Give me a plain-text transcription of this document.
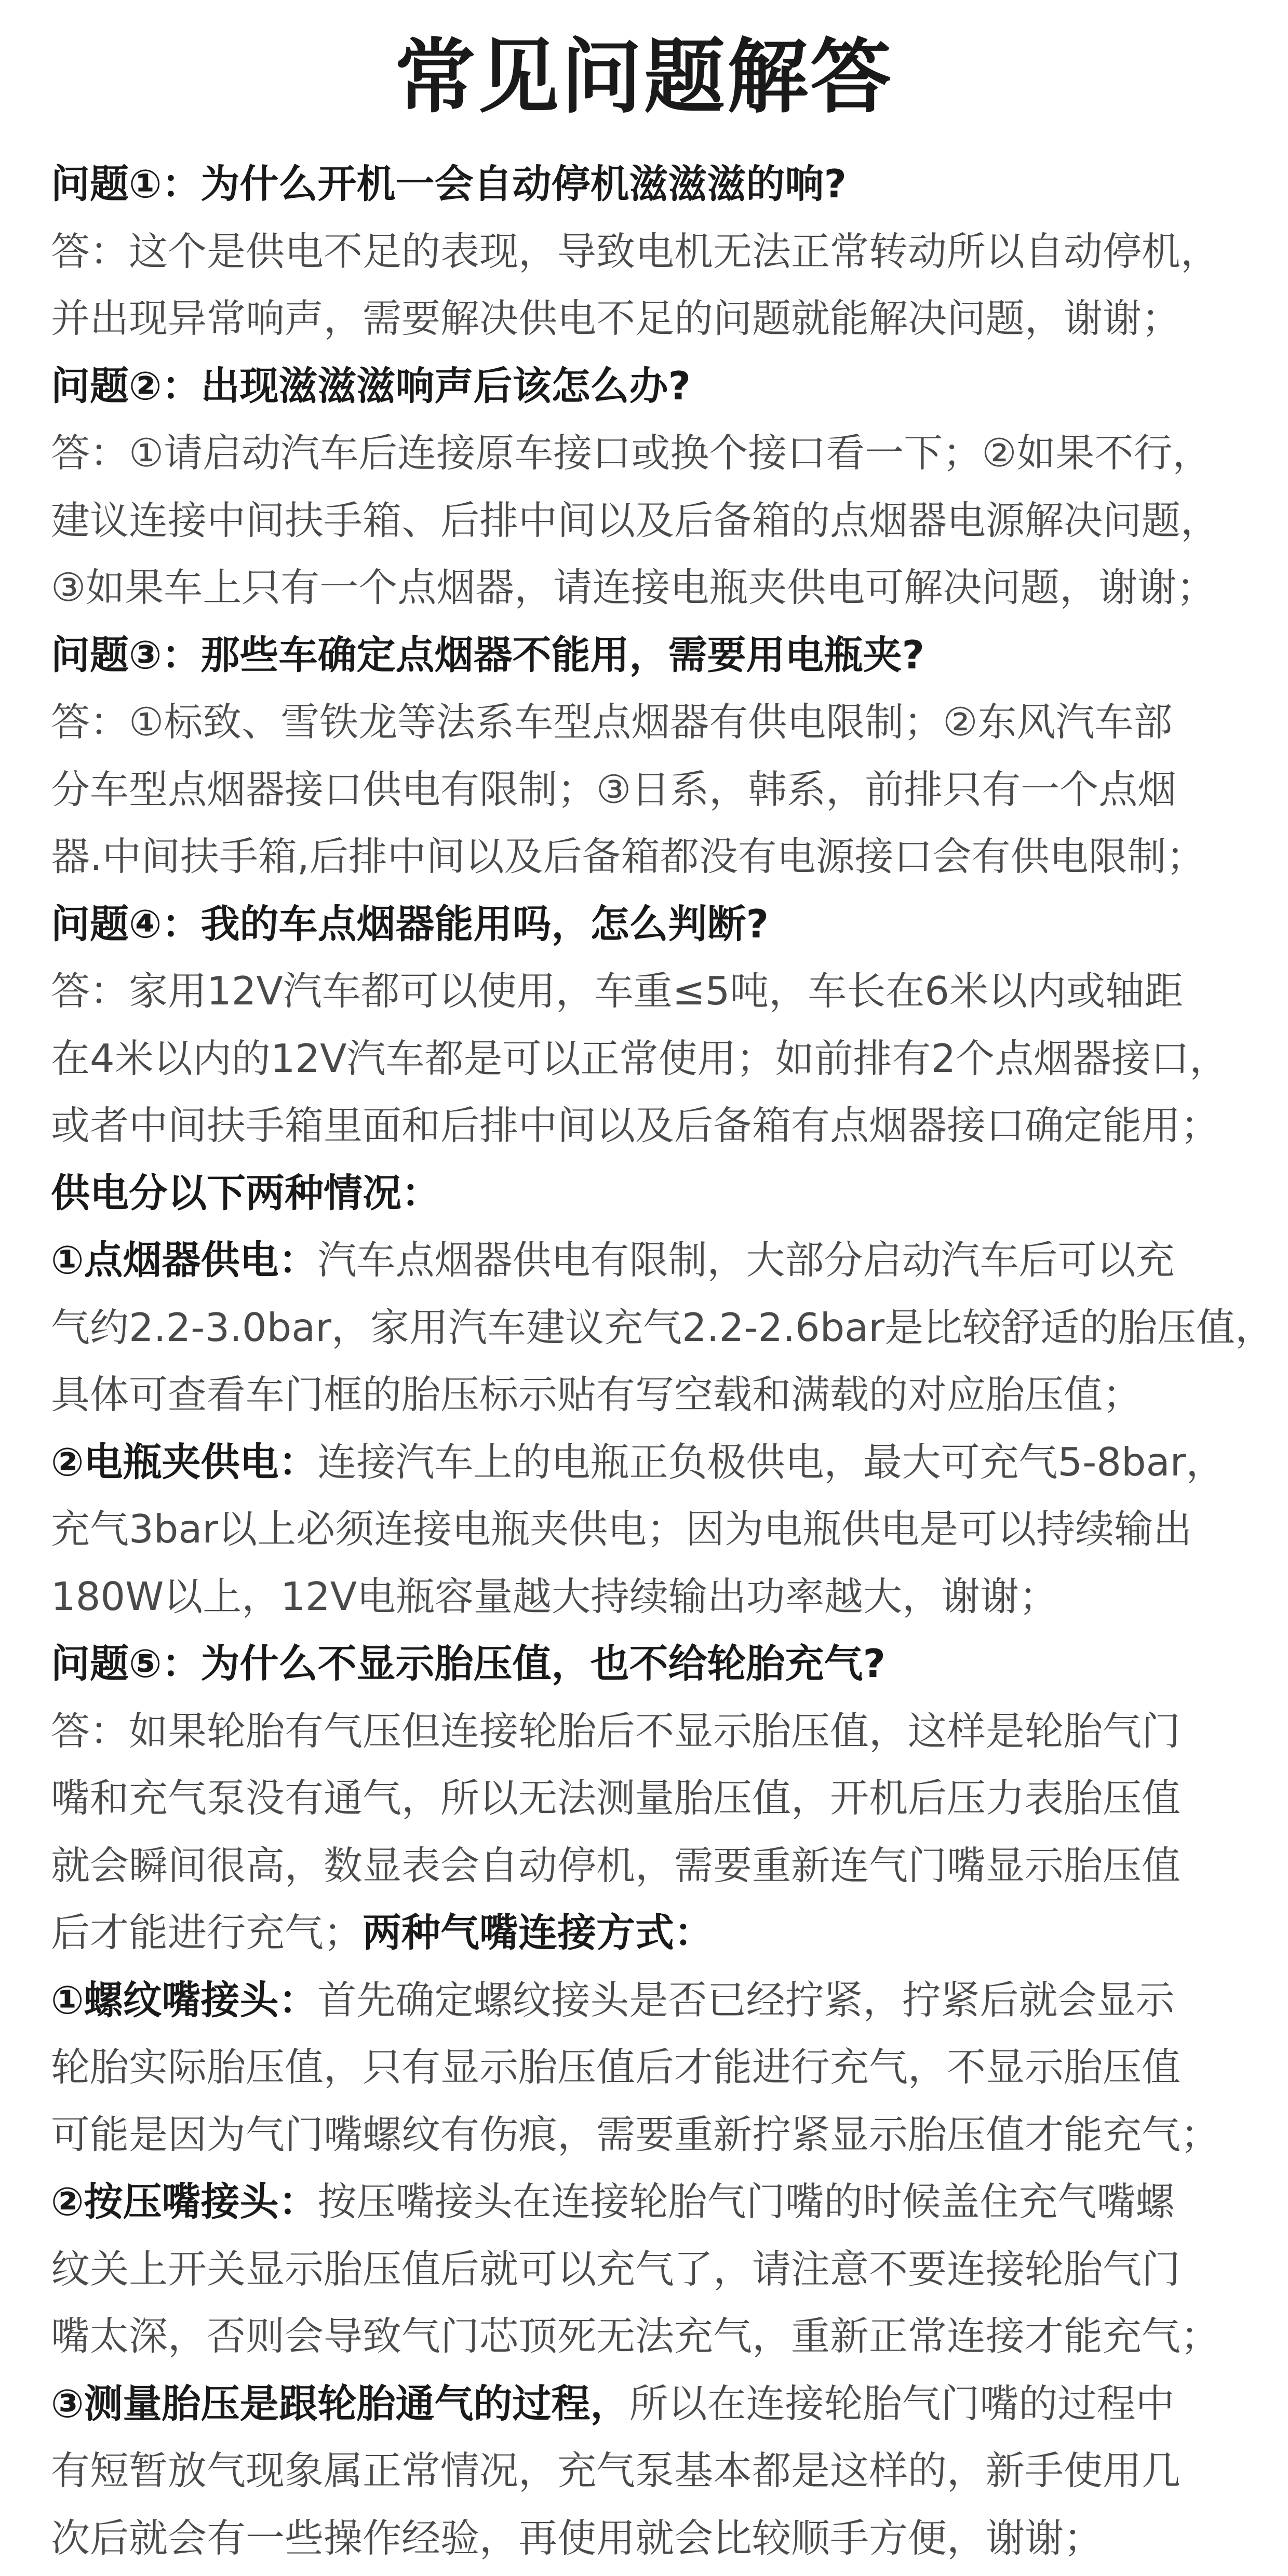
常见问题解答
问题①：为什么开机一会自动停机滋滋滋的响?
答：这个是供电不足的表现，导致电机无法正常转动所以自动停机，
并出现异常响声，需要解决供电不足的问题就能解决问题，谢谢；
问题②：出现滋滋滋响声后该怎么办?
答：①请启动汽车后连接原车接口或换个接口看一下；②如果不行，
建议连接中间扶手箱、后排中间以及后备箱的点烟器电源解决问题，
③如果车上只有一个点烟器，请连接电瓶夹供电可解决问题，谢谢；
问题③：那些车确定点烟器不能用，需要用电瓶夹?
答：①标致、雪铁龙等法系车型点烟器有供电限制；②东风汽车部
分车型点烟器接口供电有限制；③日系，韩系，前排只有一个点烟
器.中间扶手箱,后排中间以及后备箱都没有电源接口会有供电限制；
问题④：我的车点烟器能用吗，怎么判断?
答：家用12V汽车都可以使用，车重≤5吨，车长在6米以内或轴距
在4米以内的12V汽车都是可以正常使用；如前排有2个点烟器接口，
或者中间扶手箱里面和后排中间以及后备箱有点烟器接口确定能用；
供电分以下两种情况：
①点烟器供电：汽车点烟器供电有限制，大部分启动汽车后可以充
气约2.2-3.0bar，家用汽车建议充气2.2-2.6bar是比较舒适的胎压值，
具体可查看车门框的胎压标示贴有写空载和满载的对应胎压值；
②电瓶夹供电：连接汽车上的电瓶正负极供电，最大可充气5-8bar，
充气3bar以上必须连接电瓶夹供电；因为电瓶供电是可以持续输出
180W以上，12V电瓶容量越大持续输出功率越大，谢谢；
问题⑤：为什么不显示胎压值，也不给轮胎充气?
答：如果轮胎有气压但连接轮胎后不显示胎压值，这样是轮胎气门
嘴和充气泵没有通气，所以无法测量胎压值，开机后压力表胎压值
就会瞬间很高，数显表会自动停机，需要重新连气门嘴显示胎压值
后才能进行充气；两种气嘴连接方式：
①螺纹嘴接头：首先确定螺纹接头是否已经拧紧，拧紧后就会显示
轮胎实际胎压值，只有显示胎压值后才能进行充气，不显示胎压值
可能是因为气门嘴螺纹有伤痕，需要重新拧紧显示胎压值才能充气；
②按压嘴接头：按压嘴接头在连接轮胎气门嘴的时候盖住充气嘴螺
纹关上开关显示胎压值后就可以充气了，请注意不要连接轮胎气门
嘴太深，否则会导致气门芯顶死无法充气，重新正常连接才能充气；
③测量胎压是跟轮胎通气的过程，所以在连接轮胎气门嘴的过程中
有短暂放气现象属正常情况，充气泵基本都是这样的，新手使用几
次后就会有一些操作经验，再使用就会比较顺手方便，谢谢；
